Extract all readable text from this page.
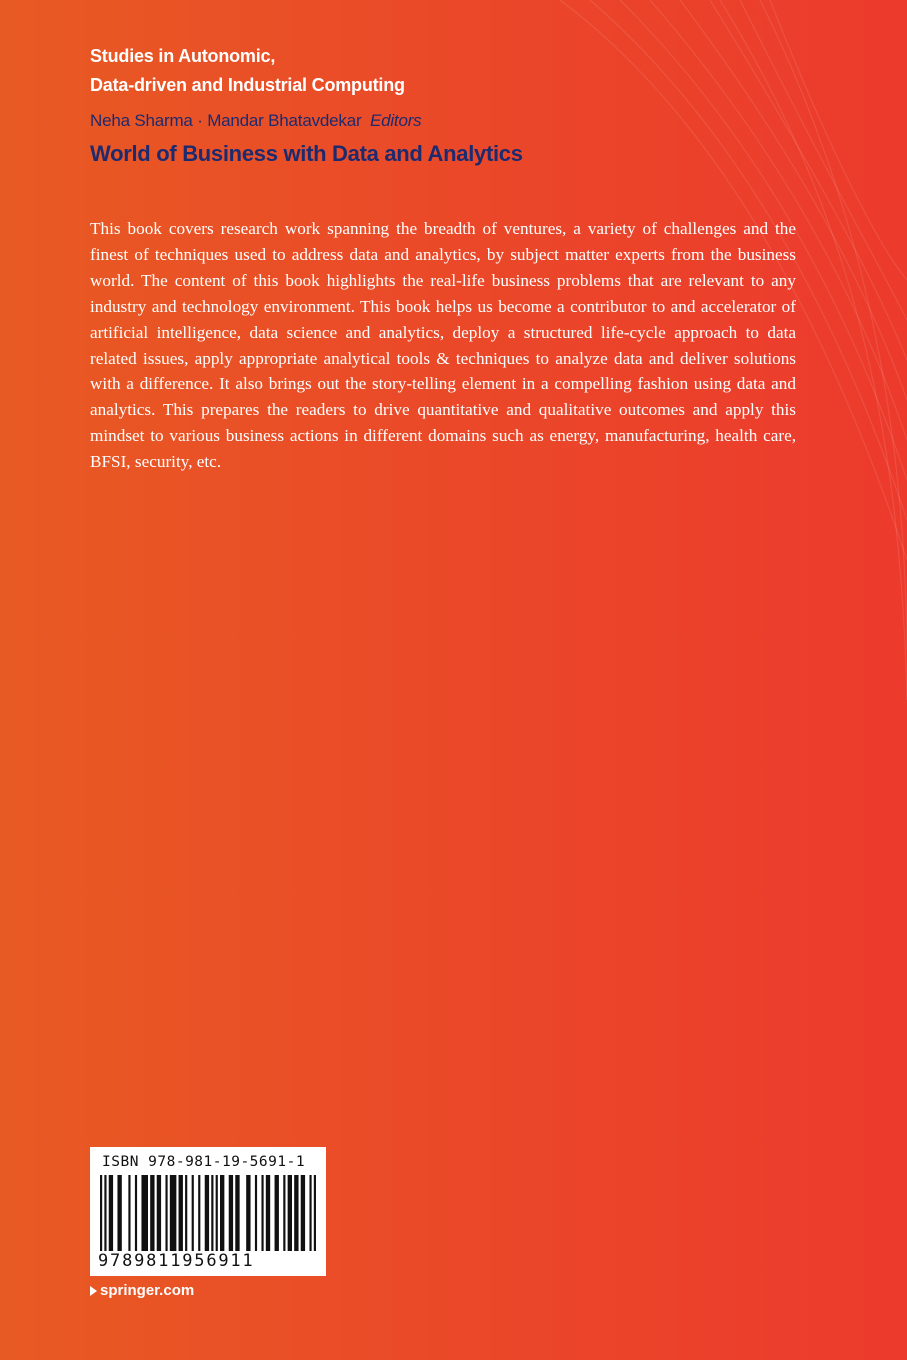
Studies in Autonomic,
Data-driven and Industrial Computing
Neha Sharma · Mandar Bhatavdekar Editors
World of Business with Data and Analytics

This book covers research work spanning the breadth of ventures, a variety of challenges and the finest of techniques used to address data and analytics, by subject matter experts from the business world. The content of this book highlights the real-life business problems that are relevant to any industry and technology environment. This book helps us become a contributor to and accelerator of artificial intelligence, data science and analytics, deploy a structured life-cycle approach to data related issues, apply appropriate analytical tools & techniques to analyze data and deliver solutions with a difference. It also brings out the story-telling element in a compelling fashion using data and analytics. This prepares the readers to drive quantitative and qualitative outcomes and apply this mindset to various business actions in different domains such as energy, manufacturing, health care, BFSI, security, etc.

ISBN 978-981-19-5691-1
9789811956911
springer.com
